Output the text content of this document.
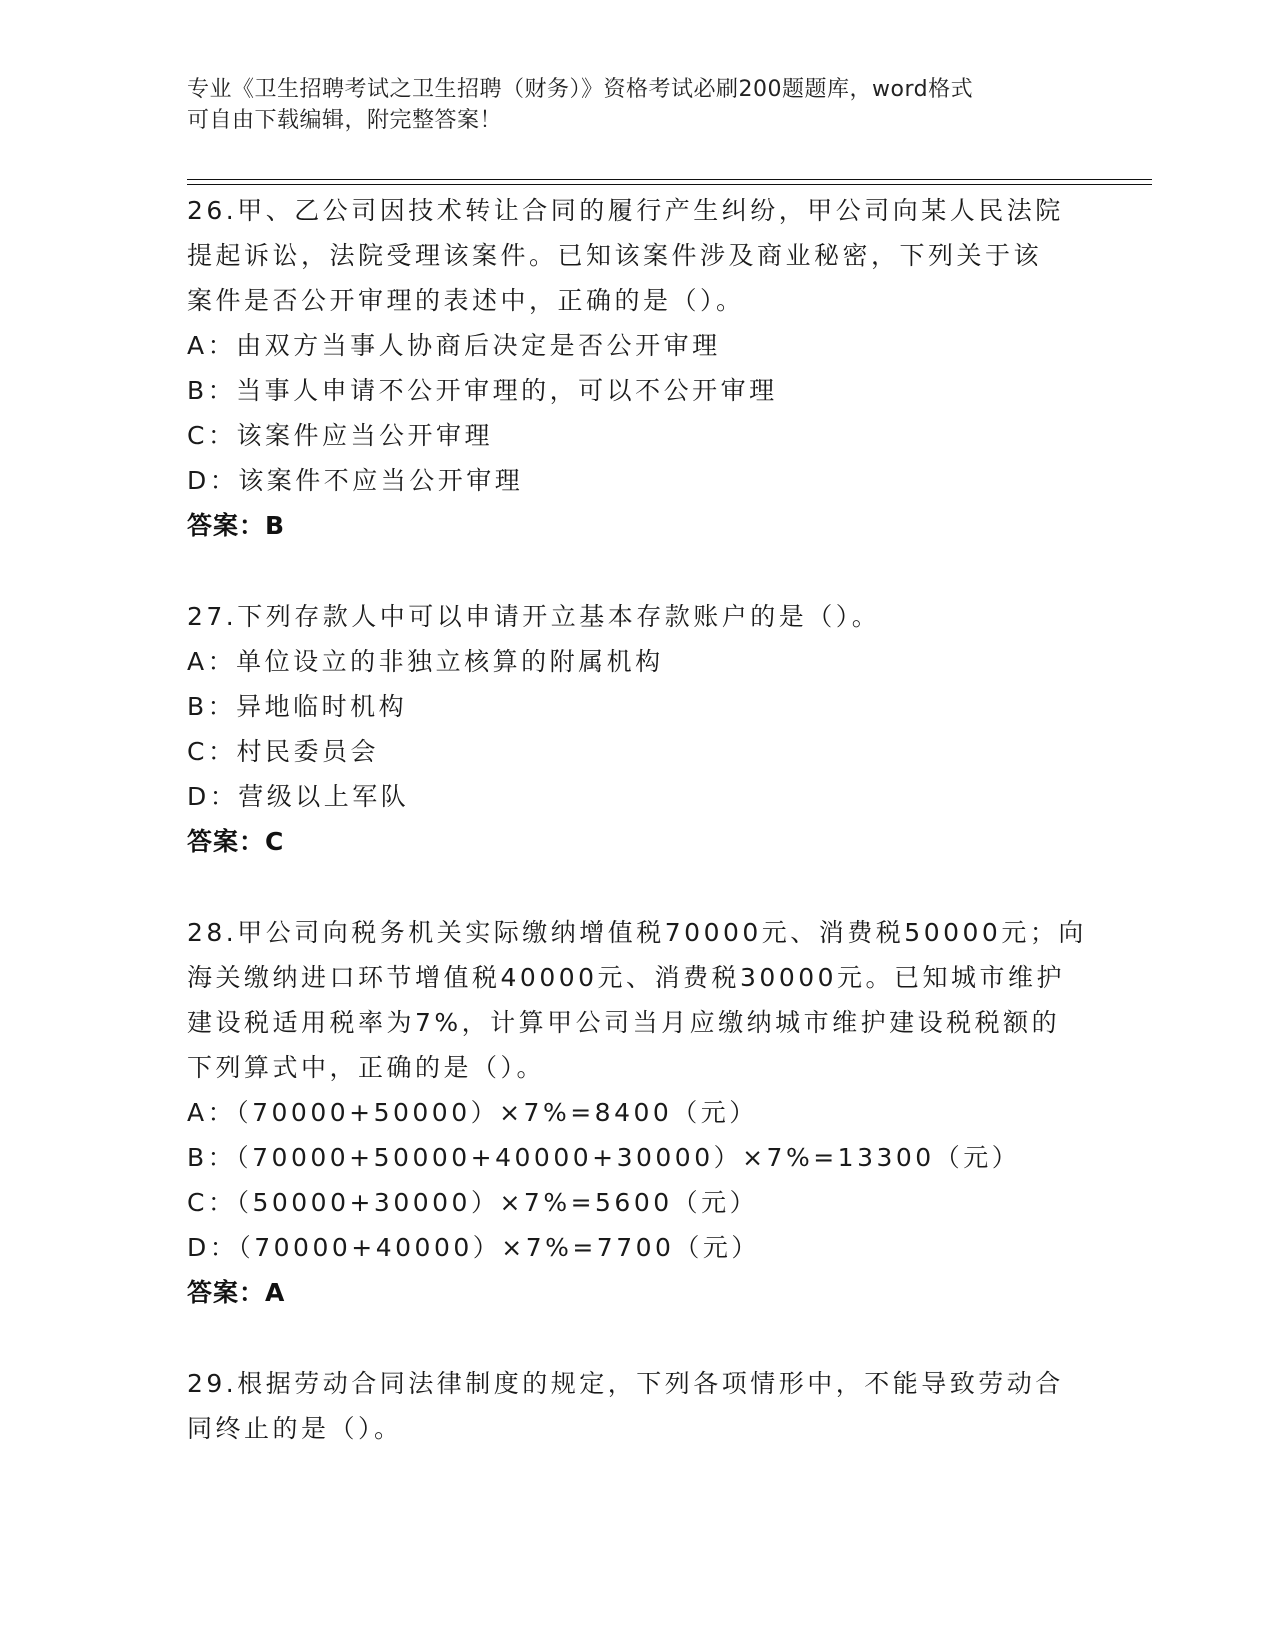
专业《卫生招聘考试之卫生招聘（财务）》资格考试必刷200题题库，word格式
可自由下载编辑，附完整答案！
26.甲、乙公司因技术转让合同的履行产生纠纷，甲公司向某人民法院
提起诉讼，法院受理该案件。已知该案件涉及商业秘密，下列关于该
案件是否公开审理的表述中，正确的是（）。
A：由双方当事人协商后决定是否公开审理
B：当事人申请不公开审理的，可以不公开审理
C：该案件应当公开审理
D：该案件不应当公开审理
答案：B
27.下列存款人中可以申请开立基本存款账户的是（）。
A：单位设立的非独立核算的附属机构
B：异地临时机构
C：村民委员会
D：营级以上军队
答案：C
28.甲公司向税务机关实际缴纳增值税70000元、消费税50000元；向
海关缴纳进口环节增值税40000元、消费税30000元。已知城市维护
建设税适用税率为7%，计算甲公司当月应缴纳城市维护建设税税额的
下列算式中，正确的是（）。
A：（70000+50000）×7%=8400（元）
B：（70000+50000+40000+30000）×7%=13300（元）
C：（50000+30000）×7%=5600（元）
D：（70000+40000）×7%=7700（元）
答案：A
29.根据劳动合同法律制度的规定，下列各项情形中，不能导致劳动合
同终止的是（）。
